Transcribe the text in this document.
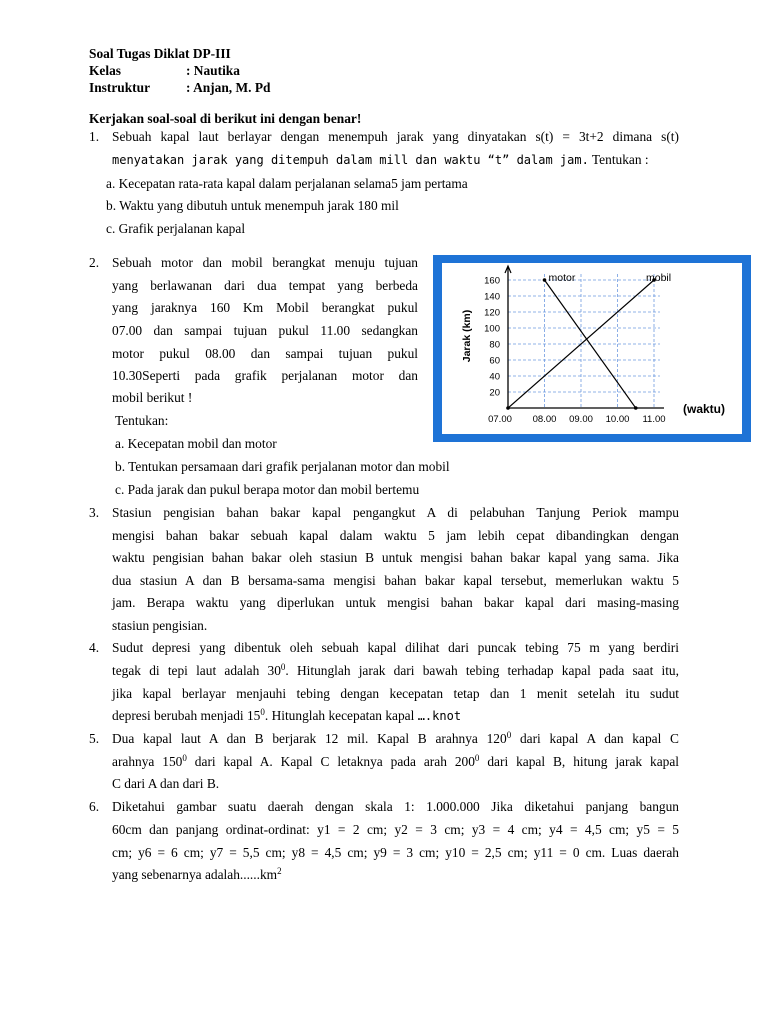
Soal Tugas Diklat DP-III
Kelas	: Nautika
Instruktur	: Anjan, M. Pd
Kerjakan soal-soal di berikut ini dengan benar!
1. Sebuah kapal laut berlayar dengan menempuh jarak yang dinyatakan s(t) = 3t+2 dimana s(t)
menyatakan jarak yang ditempuh dalam mill dan waktu “t” dalam jam. Tentukan :
a. Kecepatan rata-rata kapal dalam perjalanan selama5 jam pertama
b. Waktu yang dibutuh untuk menempuh jarak 180 mil
c. Grafik perjalanan kapal
2. Sebuah motor dan mobil berangkat menuju tujuan
yang berlawanan dari dua tempat yang berbeda
yang jaraknya 160 Km Mobil berangkat pukul
07.00 dan sampai tujuan pukul 11.00 sedangkan
motor pukul 08.00 dan sampai tujuan pukul
10.30Seperti pada grafik perjalanan motor dan
mobil berikut !
Tentukan:
a. Kecepatan mobil dan motor
b. Tentukan persamaan dari grafik perjalanan motor dan mobil
c. Pada jarak dan pukul berapa motor dan mobil bertemu
20
40
60
80
100
120
140
160
07.00 08.00 09.00 10.00 11.00
(waktu)
Jarak (km)
motor	mobil
3. Stasiun pengisian bahan bakar kapal pengangkut A di pelabuhan Tanjung Periok mampu
mengisi bahan bakar sebuah kapal dalam waktu 5 jam lebih cepat dibandingkan dengan
waktu pengisian bahan bakar oleh stasiun B untuk mengisi bahan bakar kapal yang sama. Jika
dua stasiun A dan B bersama-sama mengisi bahan bakar kapal tersebut, memerlukan waktu 5
jam. Berapa waktu yang diperlukan untuk mengisi bahan bakar kapal dari masing-masing
stasiun pengisian.
4. Sudut depresi yang dibentuk oleh sebuah kapal dilihat dari puncak tebing 75 m yang berdiri
tegak di tepi laut adalah $30^0$. Hitunglah jarak dari bawah tebing terhadap kapal pada saat itu,
jika kapal berlayar menjauhi tebing dengan kecepatan tetap dan 1 menit setelah itu sudut
depresi berubah menjadi $15^0$. Hitunglah kecepatan kapal ….knot
5. Dua kapal laut A dan B berjarak 12 mil. Kapal B arahnya $120^0$ dari kapal A dan kapal C
arahnya $150^0$ dari kapal A. Kapal C letaknya pada arah $200^0$ dari kapal B, hitung jarak kapal
C dari A dan dari B.
6. Diketahui gambar suatu daerah dengan skala 1: 1.000.000 Jika diketahui panjang bangun
60cm dan panjang ordinat-ordinat: y1 = 2 cm; y2 = 3 cm; y3 = 4 cm; y4 = 4,5 cm; y5 = 5
cm; y6 = 6 cm; y7 = 5,5 cm; y8 = 4,5 cm; y9 = 3 cm; y10 = 2,5 cm; y11 = 0 cm. Luas daerah
yang sebenarnya $adalah......km^2$
